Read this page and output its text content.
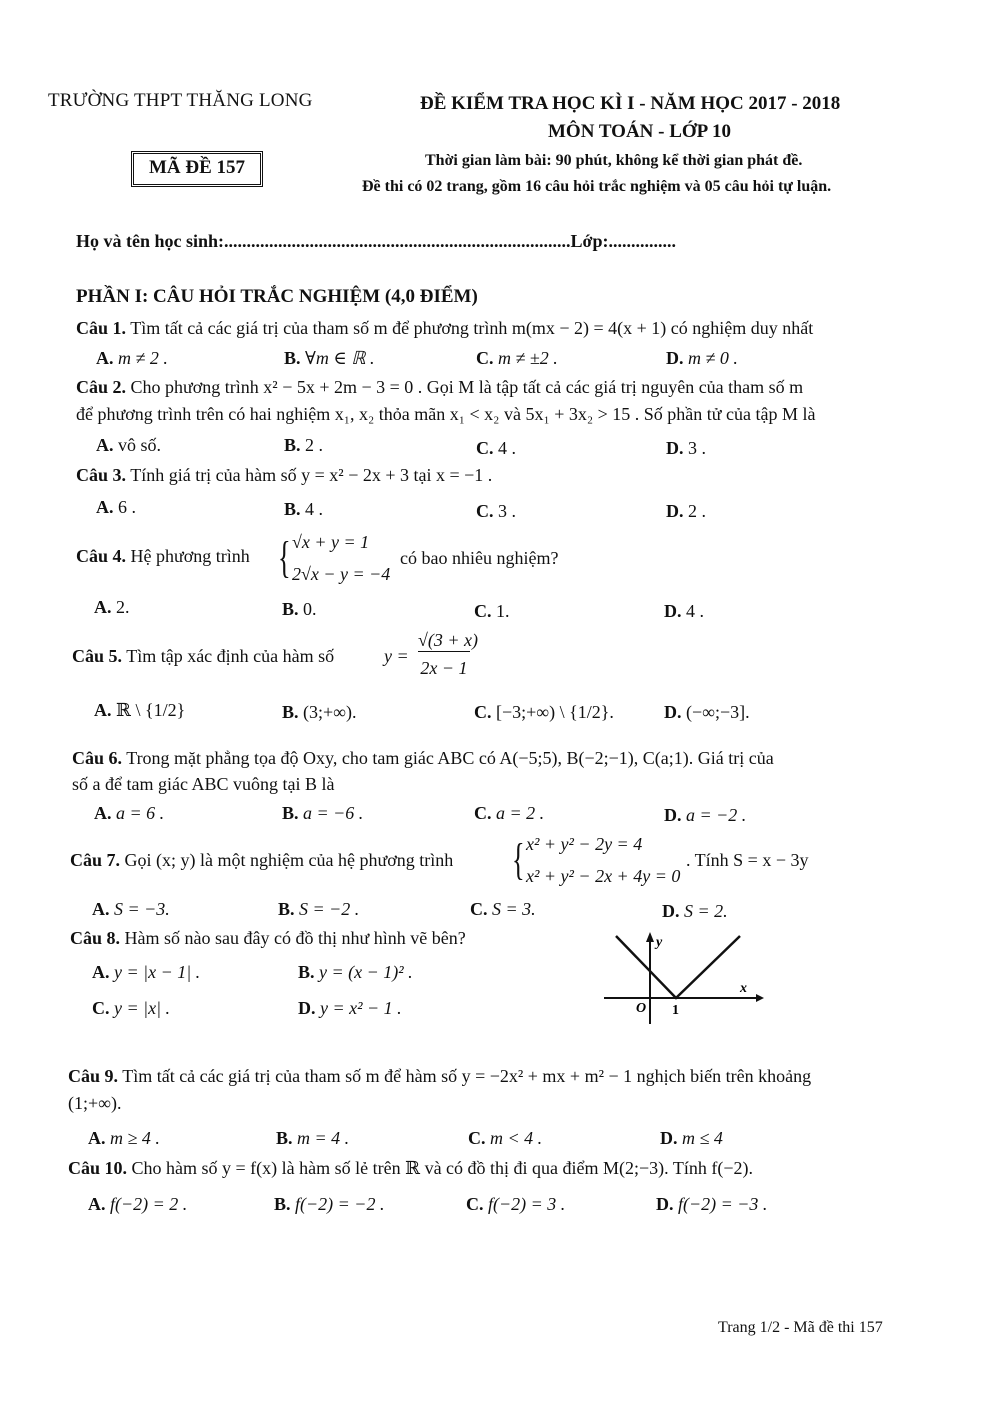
TRƯỜNG THPT THĂNG LONG	ĐỀ KIỂM TRA HỌC KÌ I - NĂM HỌC 2017 - 2018
MÔN TOÁN - LỚP 10
MÃ ĐỀ 157	Thời gian làm bài: 90 phút, không kể thời gian phát đề.
Đề thi có 02 trang, gồm 16 câu hỏi trắc nghiệm và 05 câu hỏi tự luận.
Họ và tên học sinh:.............................................................................Lớp:...............
PHẦN I: CÂU HỎI TRẮC NGHIỆM (4,0 ĐIỂM)
Câu 1. Tìm tất cả các giá trị của tham số m để phương trình m(mx − 2) = 4(x + 1) có nghiệm duy nhất
A. m ≠ 2 .	B. ∀m ∈ ℝ .	C. m ≠ ±2 .	D. m ≠ 0 .
Câu 2. Cho phương trình x² − 5x + 2m − 3 = 0 . Gọi M là tập tất cả các giá trị nguyên của tham số m
để phương trình trên có hai nghiệm x₁, x₂ thỏa mãn x₁ < x₂ và 5x₁ + 3x₂ > 15 . Số phần tử của tập M là
A. vô số.	B. 2 .	C. 4 .	D. 3 .
Câu 3. Tính giá trị của hàm số y = x² − 2x + 3 tại x = −1 .
A. 6 .	B. 4 .	C. 3 .	D. 2 .
Câu 4. Hệ phương trình { √x + y = 1
2√x − y = −4
có bao nhiêu nghiệm?
A. 2.	B. 0.	C. 1.	D. 4 .
Câu 5. Tìm tập xác định của hàm số	y =
√(3 + x)
2x − 1
A. ℝ \ {1/2}	B. (3;+∞).	C. [−3;+∞) \ {1/2}.	D. (−∞;−3].
Câu 6. Trong mặt phẳng tọa độ Oxy, cho tam giác ABC có A(−5;5), B(−2;−1), C(a;1). Giá trị của
số a để tam giác ABC vuông tại B là
A. a = 6 .	B. a = −6 .	C. a = 2 .	D. a = −2 .
Câu 7. Gọi (x; y) là một nghiệm của hệ phương trình { x² + y² − 2y = 4
x² + y² − 2x + 4y = 0
. Tính S = x − 3y
A. S = −3.	B. S = −2 .	C. S = 3.	D. S = 2.
Câu 8. Hàm số nào sau đây có đồ thị như hình vẽ bên?
A. y = |x − 1| .	B. y = (x − 1)² .
C. y = |x| .	D. y = x² − 1 .
y
x
O 1
Câu 9. Tìm tất cả các giá trị của tham số m để hàm số y = −2x² + mx + m² − 1 nghịch biến trên khoảng
(1;+∞).
A. m ≥ 4 .	B. m = 4 .	C. m < 4 .	D. m ≤ 4
Câu 10. Cho hàm số y = f(x) là hàm số lẻ trên ℝ và có đồ thị đi qua điểm M(2;−3). Tính f(−2).
A. f(−2) = 2 .	B. f(−2) = −2 .	C. f(−2) = 3 .	D. f(−2) = −3 .
Trang 1/2 - Mã đề thi 157
